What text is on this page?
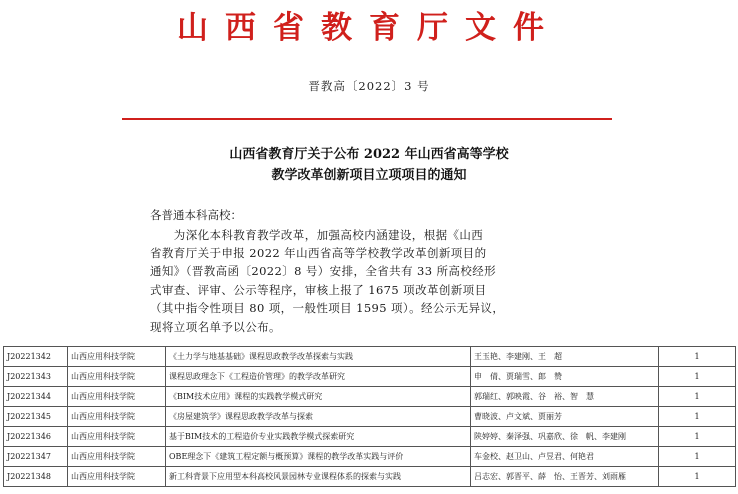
山西省教育厅文件
晋教高〔2022〕3 号
山西省教育厅关于公布 2022 年山西省高等学校
教学改革创新项目立项项目的通知
各普通本科高校：
　　为深化本科教育教学改革，加强高校内涵建设，根据《山西
省教育厅关于申报 2022 年山西省高等学校教学改革创新项目的
通知》（晋教高函〔2022〕8 号）安排，全省共有 33 所高校经形
式审查、评审、公示等程序，审核上报了 1675 项改革创新项目
（其中指令性项目 80 项，一般性项目 1595 项）。经公示无异议，
现将立项名单予以公布。
J20221342	山西应用科技学院	《土力学与地基基础》课程思政教学改革探索与实践	王玉艳、李建刚、王　超	1
J20221343	山西应用科技学院	课程思政理念下《工程造价管理》的教学改革研究	申　倩、贾瑞雪、郎　赞	1
J20221344	山西应用科技学院	《BIM技术应用》课程的实践教学模式研究	郭瑞红、郭映霞、谷　裕、智　慧	1
J20221345	山西应用科技学院	《房屋建筑学》课程思政教学改革与探索	曹晓波、卢文斌、贾丽芳	1
J20221346	山西应用科技学院	基于BIM技术的工程造价专业实践教学模式探索研究	陕婷婷、秦泽强、巩嘉欣、徐　帆、李建刚	1
J20221347	山西应用科技学院	OBE理念下《建筑工程定额与概预算》课程的教学改革实践与评价	车金校、赵卫山、卢昱君、何艳君	1
J20221348	山西应用科技学院	新工科背景下应用型本科高校风景园林专业课程体系的探索与实践	吕志宏、郭晋平、薛　怡、王晋芳、刘雨雁	1
